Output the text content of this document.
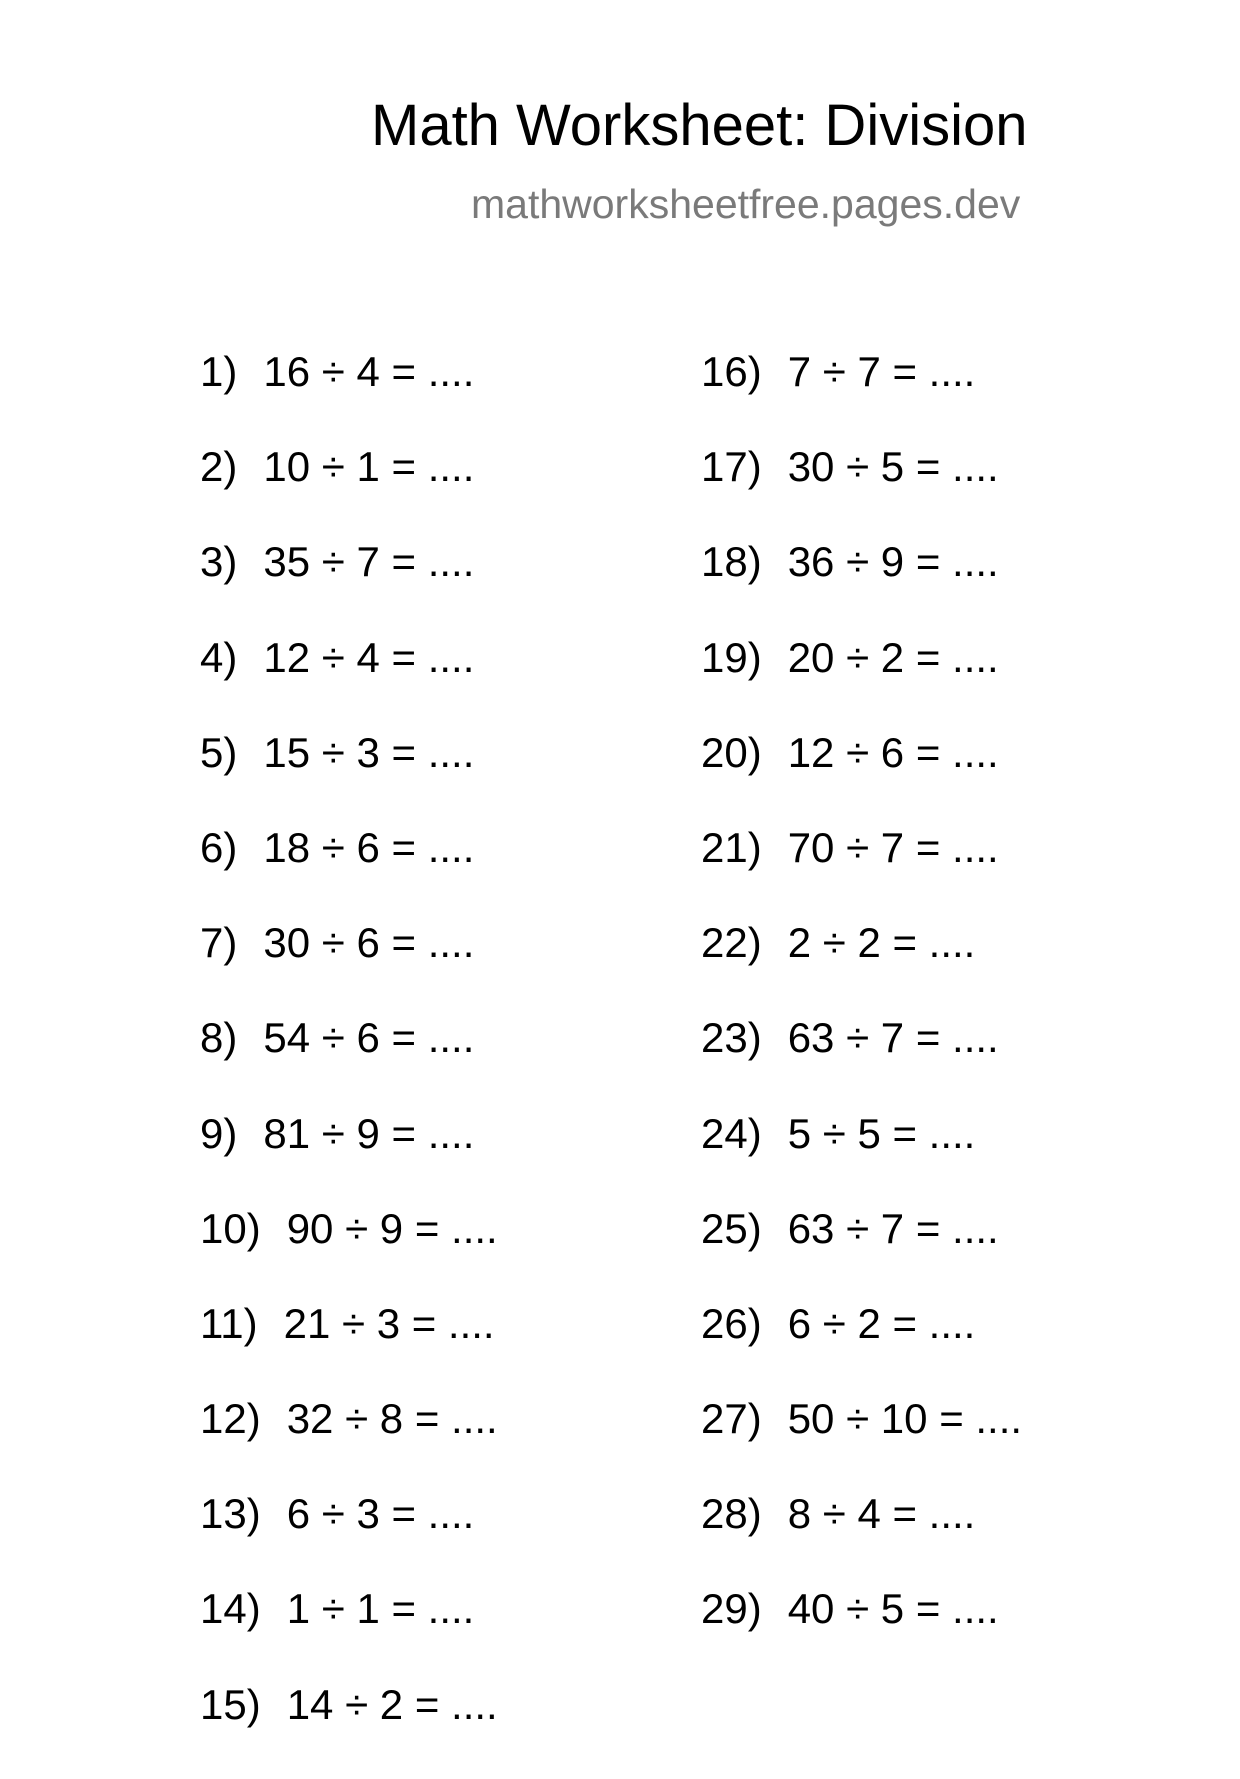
Math Worksheet: Division
mathworksheetfree.pages.dev
1) 16 ÷ 4 = ....
2) 10 ÷ 1 = ....
3) 35 ÷ 7 = ....
4) 12 ÷ 4 = ....
5) 15 ÷ 3 = ....
6) 18 ÷ 6 = ....
7) 30 ÷ 6 = ....
8) 54 ÷ 6 = ....
9) 81 ÷ 9 = ....
10) 90 ÷ 9 = ....
11) 21 ÷ 3 = ....
12) 32 ÷ 8 = ....
13) 6 ÷ 3 = ....
14) 1 ÷ 1 = ....
15) 14 ÷ 2 = ....
16) 7 ÷ 7 = ....
17) 30 ÷ 5 = ....
18) 36 ÷ 9 = ....
19) 20 ÷ 2 = ....
20) 12 ÷ 6 = ....
21) 70 ÷ 7 = ....
22) 2 ÷ 2 = ....
23) 63 ÷ 7 = ....
24) 5 ÷ 5 = ....
25) 63 ÷ 7 = ....
26) 6 ÷ 2 = ....
27) 50 ÷ 10 = ....
28) 8 ÷ 4 = ....
29) 40 ÷ 5 = ....
